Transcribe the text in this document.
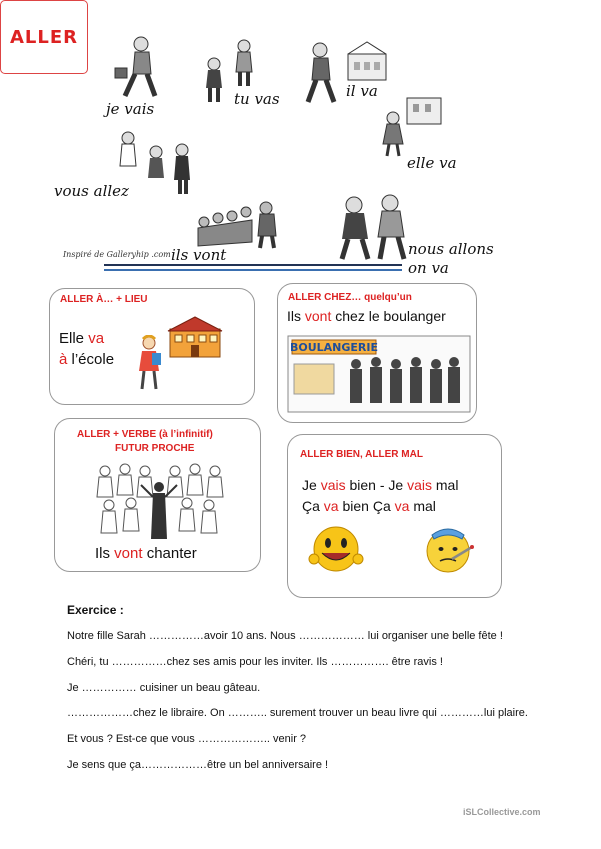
je vais
tu vas	il va
elle va
ALLER
vous allez
ils vont	nous allons
on va
Inspiré de Galleryhip .com
ALLER À… + LIEU
Elle va
à l’école
ALLER CHEZ… quelqu’un
Ils vont chez le boulanger
BOULANGERIE
ALLER + VERBE (à l’infinitif)
FUTUR PROCHE
Ils vont chanter
ALLER BIEN, ALLER MAL
Je vais bien - Je vais mal
Ça va bien Ça va mal
Exercice :
Notre fille Sarah ……………avoir 10 ans. Nous ……………… lui organiser une belle fête !
Chéri, tu ……………chez ses amis pour les inviter. Ils ……………. être ravis !
Je …………… cuisiner un beau gâteau.
………………chez le libraire. On ……….. surement trouver un beau livre qui …………lui plaire.
Et vous ? Est-ce que vous ……………….. venir ?
Je sens que ça………………être un bel anniversaire !
iSLCollective.com
